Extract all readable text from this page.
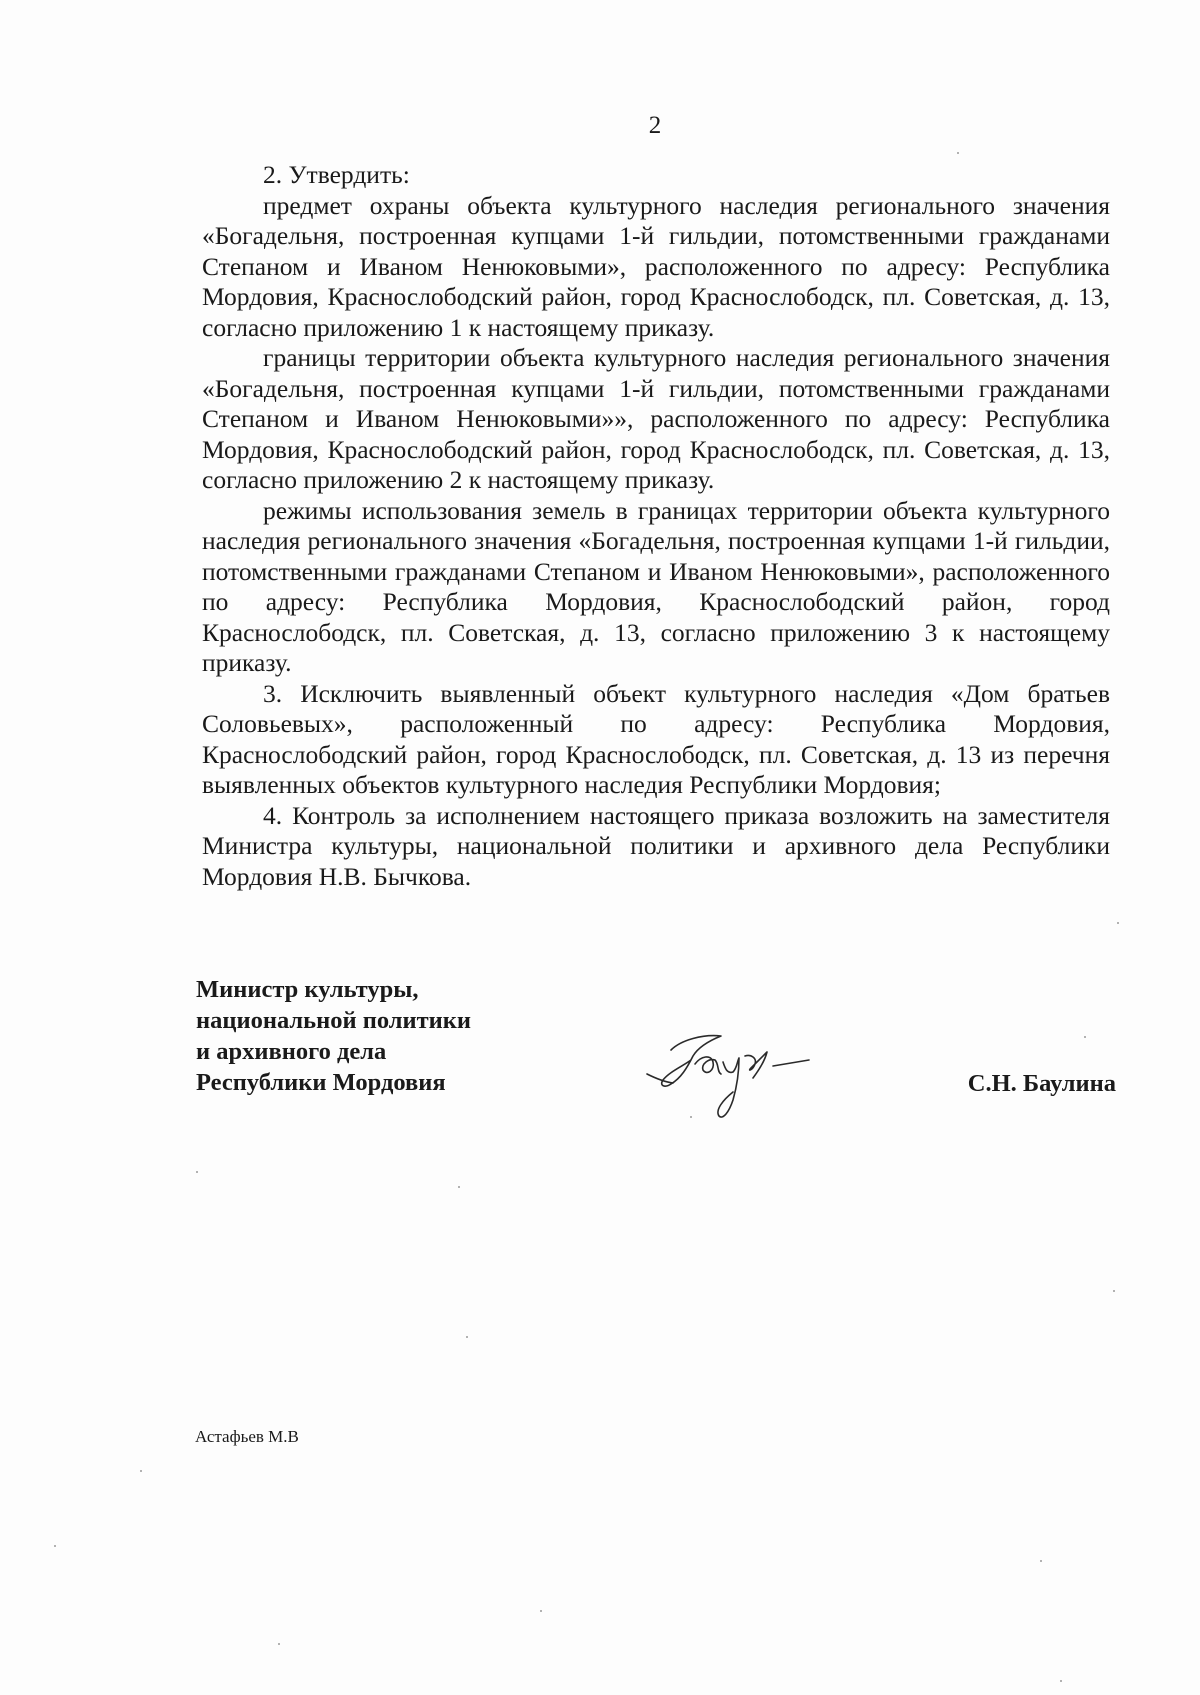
2

2. Утвердить:

предмет охраны объекта культурного наследия регионального значения «Богадельня, построенная купцами 1-й гильдии, потомственными гражданами Степаном и Иваном Ненюковыми», расположенного по адресу: Республика Мордовия, Краснослободский район, город Краснослободск, пл. Советская, д. 13, согласно приложению 1 к настоящему приказу.

границы территории объекта культурного наследия регионального значения «Богадельня, построенная купцами 1-й гильдии, потомственными гражданами Степаном и Иваном Ненюковыми»», расположенного по адресу: Республика Мордовия, Краснослободский район, город Краснослободск, пл. Советская, д. 13, согласно приложению 2 к настоящему приказу.

режимы использования земель в границах территории объекта культурного наследия регионального значения «Богадельня, построенная купцами 1-й гильдии, потомственными гражданами Степаном и Иваном Ненюковыми», расположенного по адресу: Республика Мордовия, Краснослободский район, город Краснослободск, пл. Советская, д. 13, согласно приложению 3 к настоящему приказу.

3. Исключить выявленный объект культурного наследия «Дом братьев Соловьевых», расположенный по адресу: Республика Мордовия, Краснослободский район, город Краснослободск, пл. Советская, д. 13 из перечня выявленных объектов культурного наследия Республики Мордовия;

4. Контроль за исполнением настоящего приказа возложить на заместителя Министра культуры, национальной политики и архивного дела Республики Мордовия Н.В. Бычкова.

Министр культуры,
национальной политики
и архивного дела
Республики Мордовия	С.Н. Баулина
Астафьев М.В
